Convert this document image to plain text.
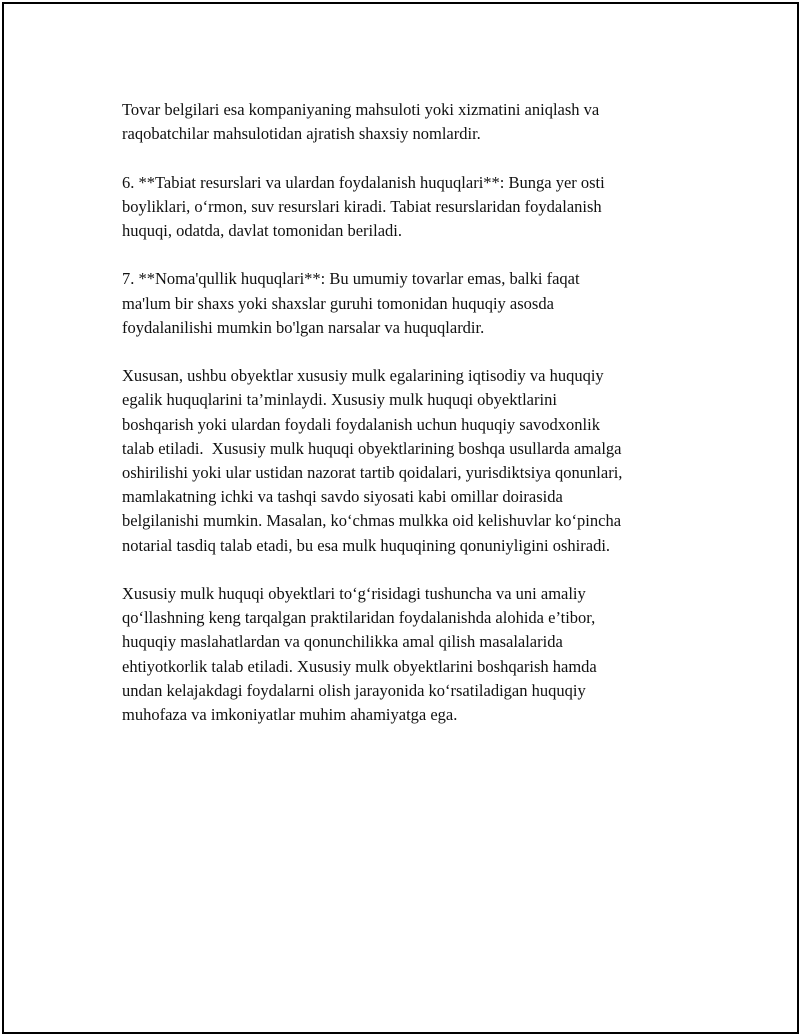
Tovar belgilari esa kompaniyaning mahsuloti yoki xizmatini aniqlash va
raqobatchilar mahsulotidan ajratish shaxsiy nomlardir.

6. **Tabiat resurslari va ulardan foydalanish huquqlari**: Bunga yer osti
boyliklari, o‘rmon, suv resurslari kiradi. Tabiat resurslaridan foydalanish
huquqi, odatda, davlat tomonidan beriladi.

7. **Noma'qullik huquqlari**: Bu umumiy tovarlar emas, balki faqat
ma'lum bir shaxs yoki shaxslar guruhi tomonidan huquqiy asosda
foydalanilishi mumkin bo'lgan narsalar va huquqlardir.

Xususan, ushbu obyektlar xususiy mulk egalarining iqtisodiy va huquqiy
egalik huquqlarini ta’minlaydi. Xususiy mulk huquqi obyektlarini
boshqarish yoki ulardan foydali foydalanish uchun huquqiy savodxonlik
talab etiladi.  Xususiy mulk huquqi obyektlarining boshqa usullarda amalga
oshirilishi yoki ular ustidan nazorat tartib qoidalari, yurisdiktsiya qonunlari,
mamlakatning ichki va tashqi savdo siyosati kabi omillar doirasida
belgilanishi mumkin. Masalan, ko‘chmas mulkka oid kelishuvlar ko‘pincha
notarial tasdiq talab etadi, bu esa mulk huquqining qonuniyligini oshiradi.

Xususiy mulk huquqi obyektlari to‘g‘risidagi tushuncha va uni amaliy
qo‘llashning keng tarqalgan praktilaridan foydalanishda alohida e’tibor,
huquqiy maslahatlardan va qonunchilikka amal qilish masalalarida
ehtiyotkorlik talab etiladi. Xususiy mulk obyektlarini boshqarish hamda
undan kelajakdagi foydalarni olish jarayonida ko‘rsatiladigan huquqiy
muhofaza va imkoniyatlar muhim ahamiyatga ega.
